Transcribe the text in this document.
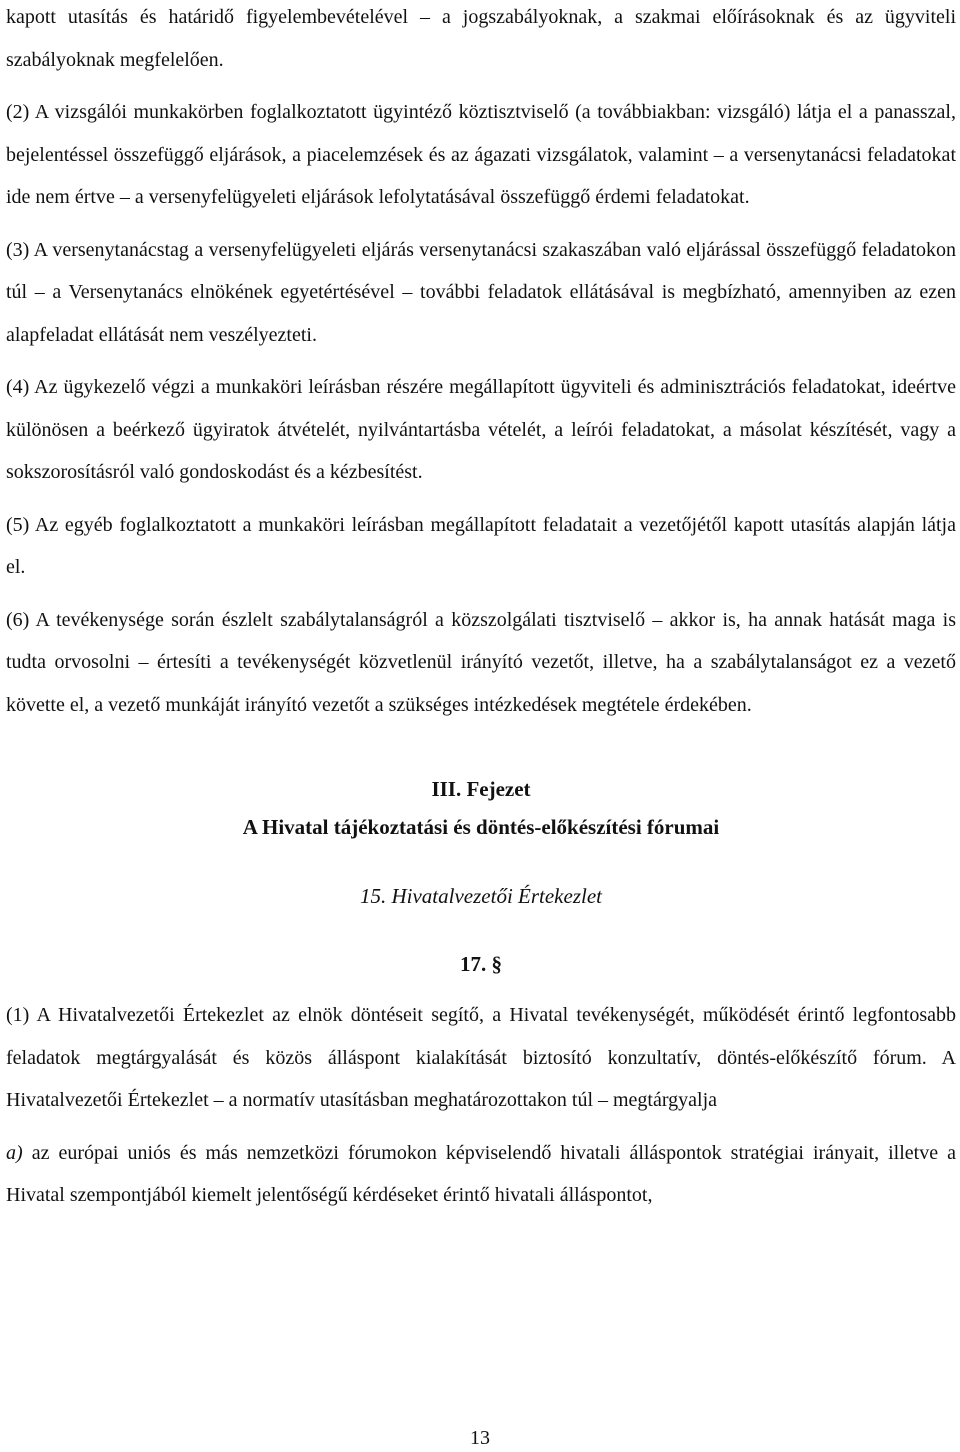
kapott utasítás és határidő figyelembevételével – a jogszabályoknak, a szakmai előírásoknak és az ügyviteli szabályoknak megfelelően.

(2) A vizsgálói munkakörben foglalkoztatott ügyintéző köztisztviselő (a továbbiakban: vizsgáló) látja el a panasszal, bejelentéssel összefüggő eljárások, a piacelemzések és az ágazati vizsgálatok, valamint – a versenytanácsi feladatokat ide nem értve – a versenyfelügyeleti eljárások lefolytatásával összefüggő érdemi feladatokat.

(3) A versenytanácstag a versenyfelügyeleti eljárás versenytanácsi szakaszában való eljárással összefüggő feladatokon túl – a Versenytanács elnökének egyetértésével – további feladatok ellátásával is megbízható, amennyiben az ezen alapfeladat ellátását nem veszélyezteti.

(4) Az ügykezelő végzi a munkaköri leírásban részére megállapított ügyviteli és adminisztrációs feladatokat, ideértve különösen a beérkező ügyiratok átvételét, nyilvántartásba vételét, a leírói feladatokat, a másolat készítését, vagy a sokszorosításról való gondoskodást és a kézbesítést.

(5) Az egyéb foglalkoztatott a munkaköri leírásban megállapított feladatait a vezetőjétől kapott utasítás alapján látja el.

(6) A tevékenysége során észlelt szabálytalanságról a közszolgálati tisztviselő – akkor is, ha annak hatását maga is tudta orvosolni – értesíti a tevékenységét közvetlenül irányító vezetőt, illetve, ha a szabálytalanságot ez a vezető követte el, a vezető munkáját irányító vezetőt a szükséges intézkedések megtétele érdekében.

III. Fejezet
A Hivatal tájékoztatási és döntés-előkészítési fórumai
15. Hivatalvezetői Értekezlet
17. §

(1) A Hivatalvezetői Értekezlet az elnök döntéseit segítő, a Hivatal tevékenységét, működését érintő legfontosabb feladatok megtárgyalását és közös álláspont kialakítását biztosító konzultatív, döntés-előkészítő fórum. A Hivatalvezetői Értekezlet – a normatív utasításban meghatározottakon túl – megtárgyalja

a) az európai uniós és más nemzetközi fórumokon képviselendő hivatali álláspontok stratégiai irányait, illetve a Hivatal szempontjából kiemelt jelentőségű kérdéseket érintő hivatali álláspontot,

13
